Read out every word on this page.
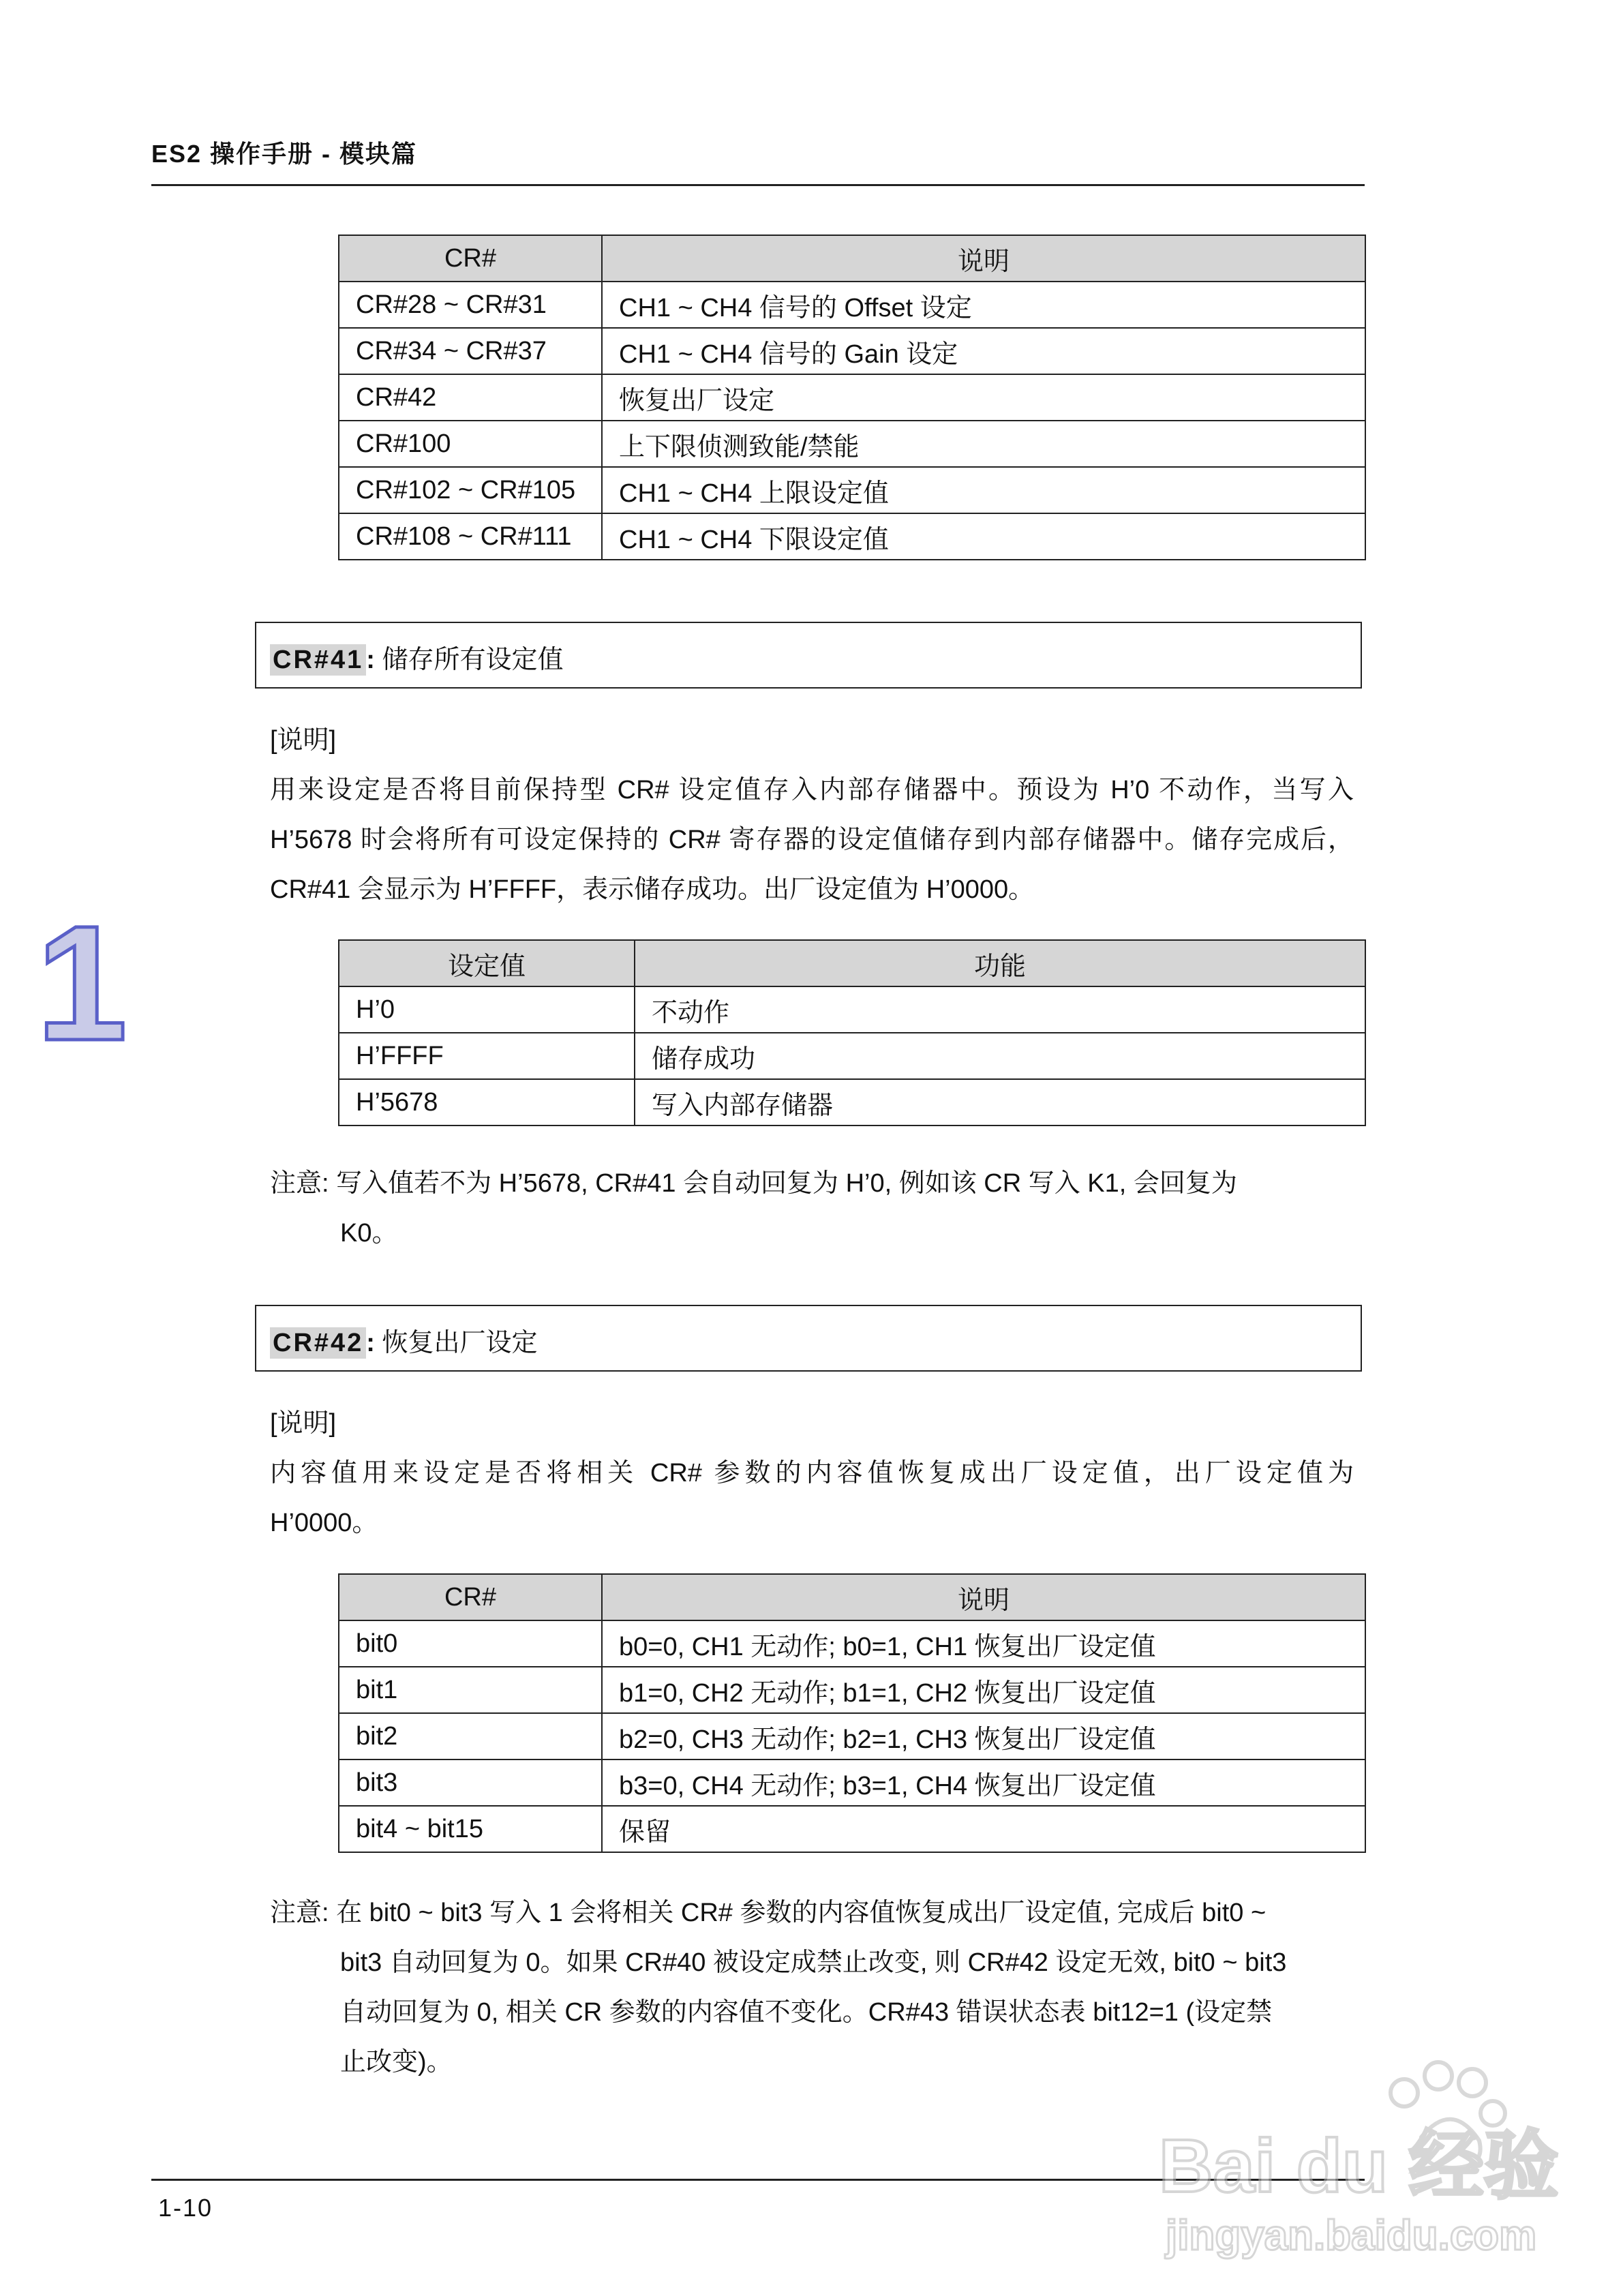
ES2 操作手册 - 模块篇
1
CR#	说明
CR#28 ~ CR#31	CH1 ~ CH4 信号的 Offset 设定
CR#34 ~ CR#37	CH1 ~ CH4 信号的 Gain 设定
CR#42	恢复出厂设定
CR#100	上下限侦测致能/禁能
CR#102 ~ CR#105	CH1 ~ CH4 上限设定值
CR#108 ~ CR#111	CH1 ~ CH4 下限设定值
CR#41 : 储存所有设定值
[说明]
用来设定是否将目前保持型 CR# 设定值存入内部存储器中。预设为 H’0 不动作，当写入
H’5678 时会将所有可设定保持的 CR# 寄存器的设定值储存到内部存储器中。储存完成后，
CR#41 会显示为 H’FFFF，表示储存成功。出厂设定值为 H’0000。
设定值	功能
H’0	不动作
H’FFFF	储存成功
H’5678	写入内部存储器
注意: 写入值若不为 H’5678, CR#41 会自动回复为 H’0, 例如该 CR 写入 K1, 会回复为
K0。
CR#42 : 恢复出厂设定
[说明]
内容值用来设定是否将相关 CR# 参数的内容值恢复成出厂设定值，出厂设定值为
H’0000。
CR#	说明
bit0	b0=0, CH1 无动作; b0=1, CH1 恢复出厂设定值
bit1	b1=0, CH2 无动作; b1=1, CH2 恢复出厂设定值
bit2	b2=0, CH3 无动作; b2=1, CH3 恢复出厂设定值
bit3	b3=0, CH4 无动作; b3=1, CH4 恢复出厂设定值
bit4 ~ bit15	保留
注意: 在 bit0 ~ bit3 写入 1 会将相关 CR# 参数的内容值恢复成出厂设定值, 完成后 bit0 ~
bit3 自动回复为 0。如果 CR#40 被设定成禁止改变, 则 CR#42 设定无效, bit0 ~ bit3
自动回复为 0, 相关 CR 参数的内容值不变化。CR#43 错误状态表 bit12=1 (设定禁
止改变)。
1-10	Bai du 经验
jingyan.baidu.com
